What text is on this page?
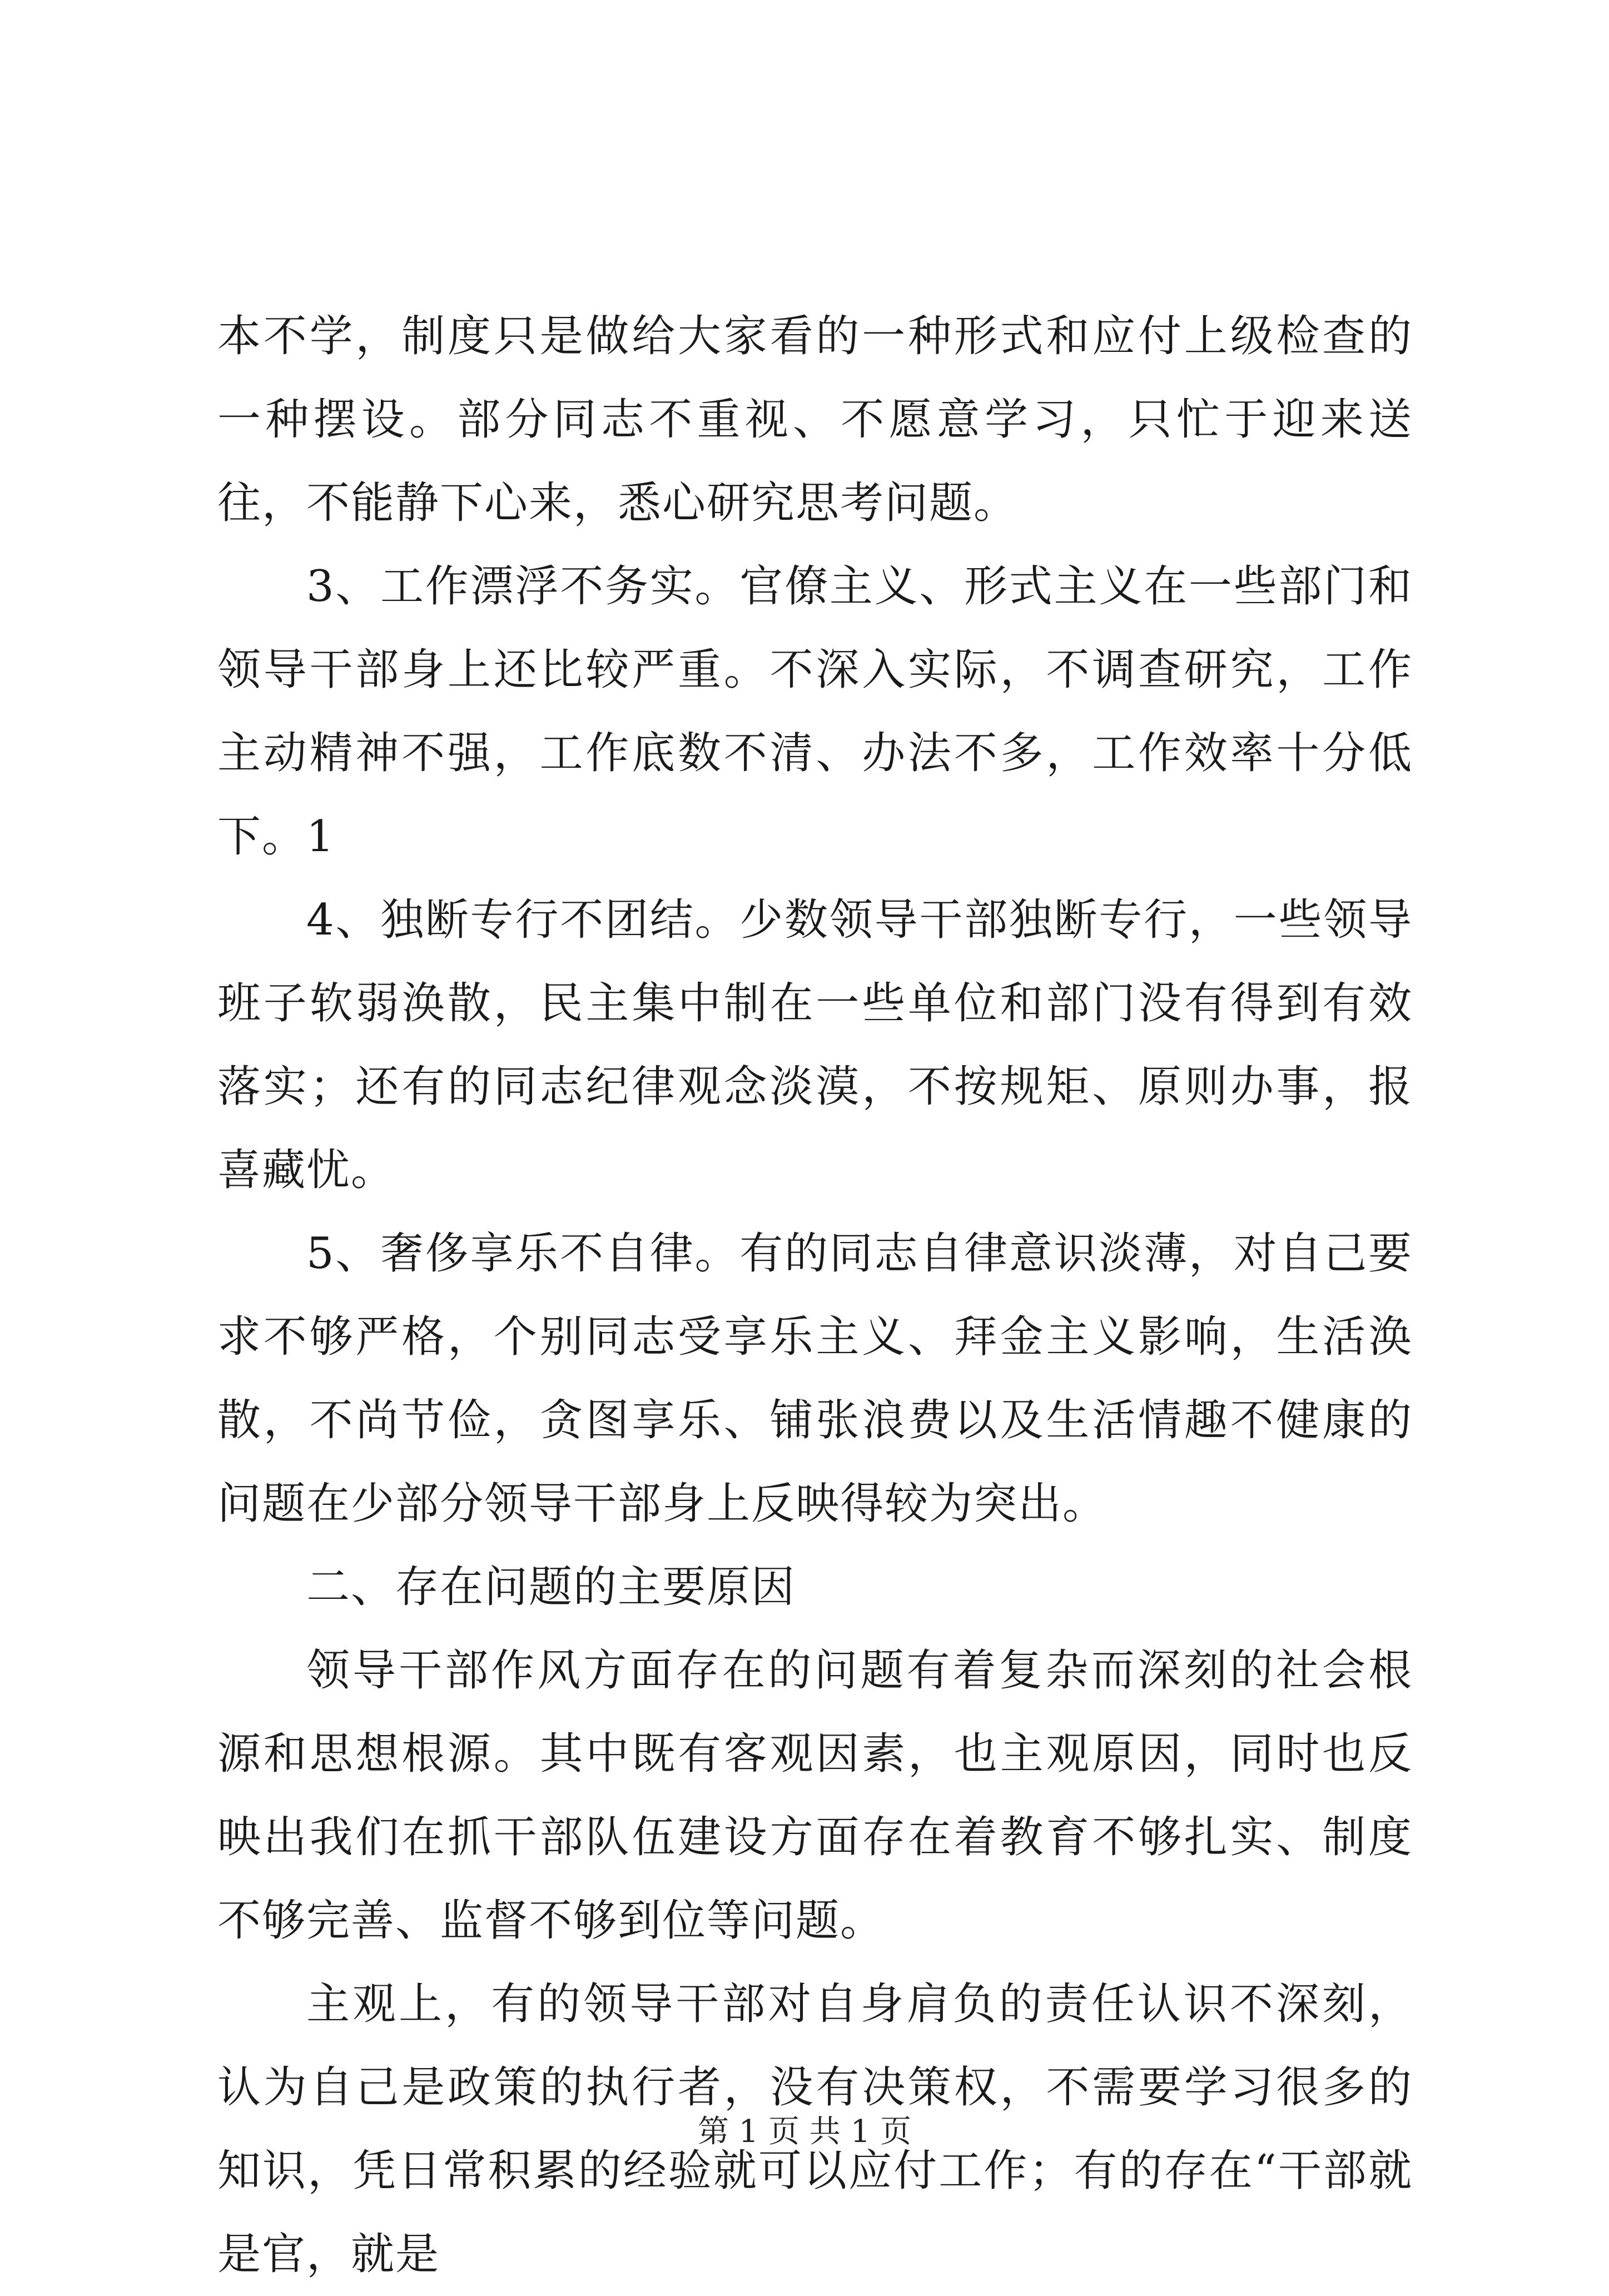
本不学，制度只是做给大家看的一种形式和应付上级检查的一种摆设。部分同志不重视、不愿意学习，只忙于迎来送往，不能静下心来，悉心研究思考问题。

3、工作漂浮不务实。官僚主义、形式主义在一些部门和领导干部身上还比较严重。不深入实际，不调查研究，工作主动精神不强，工作底数不清、办法不多，工作效率十分低下。1

4、独断专行不团结。少数领导干部独断专行，一些领导班子软弱涣散，民主集中制在一些单位和部门没有得到有效落实；还有的同志纪律观念淡漠，不按规矩、原则办事，报喜藏忧。

5、奢侈享乐不自律。有的同志自律意识淡薄，对自己要求不够严格，个别同志受享乐主义、拜金主义影响，生活涣散，不尚节俭，贪图享乐、铺张浪费以及生活情趣不健康的问题在少部分领导干部身上反映得较为突出。

二、存在问题的主要原因

领导干部作风方面存在的问题有着复杂而深刻的社会根源和思想根源。其中既有客观因素，也主观原因，同时也反映出我们在抓干部队伍建设方面存在着教育不够扎实、制度不够完善、监督不够到位等问题。

主观上，有的领导干部对自身肩负的责任认识不深刻，认为自己是政策的执行者，没有决策权，不需要学习很多的知识，凭日常积累的经验就可以应付工作；有的存在“干部就是官，就是

第 1 页 共 1 页
